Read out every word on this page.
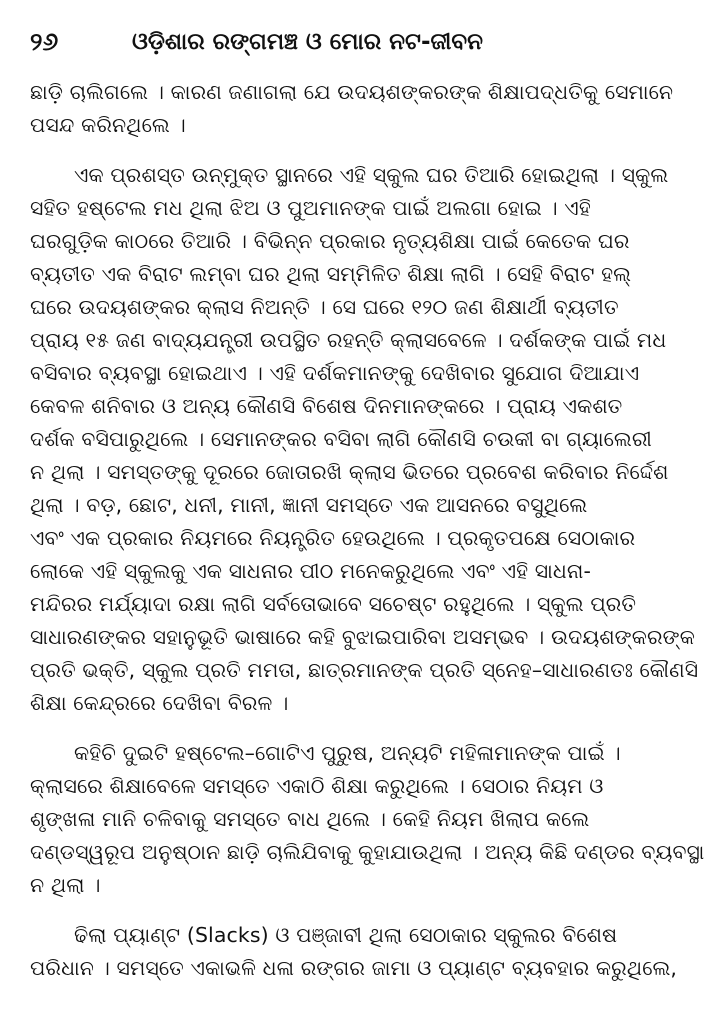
୨୬	ଓଡ଼ିଶାର ରଙ୍ଗମଞ୍ଚ ଓ ମୋର ନଟ-ଜୀବନ
ଛାଡ଼ି ଚାଲିଗଲେ । କାରଣ ଜଣାଗଲା ଯେ ଉଦୟଶଙ୍କରଙ୍କ ଶିକ୍ଷାପଦ୍ଧତିକୁ ସେମାନେ
ପସନ୍ଦ କରିନଥିଲେ ।
ଏକ ପ୍ରଶସ୍ତ ଉନ୍ମୁକ୍ତ ସ୍ଥାନରେ ଏହି ସ୍କୁଲ ଘର ତିଆରି ହୋଇଥିଲା । ସ୍କୁଲ
ସହିତ ହଷ୍ଟେଲ ମଧ ଥିଲା ଝିଅ ଓ ପୁଅମାନଙ୍କ ପାଇଁ ଅଲଗା ହୋଇ । ଏହି
ଘରଗୁଡ଼ିକ କାଠରେ ତିଆରି । ବିଭିନ୍ନ ପ୍ରକାର ନୃତ୍ୟଶିକ୍ଷା ପାଇଁ କେତେକ ଘର
ବ୍ୟତୀତ ଏକ ବିରାଟ ଲମ୍ବା ଘର ଥିଲା ସମ୍ମିଳିତ ଶିକ୍ଷା ଲାଗି । ସେହି ବିରାଟ ହଲ୍
ଘରେ ଉଦୟଶଙ୍କର କ୍ଲାସ ନିଅନ୍ତି । ସେ ଘରେ ୧୨୦ ଜଣ ଶିକ୍ଷାର୍ଥୀ ବ୍ୟତୀତ
ପ୍ରାୟ ୧୫ ଜଣ ବାଦ୍ୟଯନ୍ତ୍ରୀ ଉପସ୍ଥିତ ରହନ୍ତି କ୍ଲାସବେଳେ । ଦର୍ଶକଙ୍କ ପାଇଁ ମଧ
ବସିବାର ବ୍ୟବସ୍ଥା ହୋଇଥାଏ । ଏହି ଦର୍ଶକମାନଙ୍କୁ ଦେଖିବାର ସୁଯୋଗ ଦିଆଯାଏ
କେବଳ ଶନିବାର ଓ ଅନ୍ୟ କୌଣସି ବିଶେଷ ଦିନମାନଙ୍କରେ । ପ୍ରାୟ ଏକଶତ
ଦର୍ଶକ ବସିପାରୁଥିଲେ । ସେମାନଙ୍କର ବସିବା ଲାଗି କୌଣସି ଚଉକୀ ବା ଗ୍ୟାଲେରୀ
ନ ଥିଲା । ସମସ୍ତଙ୍କୁ ଦୂରରେ ଜୋତାରଖି କ୍ଲାସ ଭିତରେ ପ୍ରବେଶ କରିବାର ନିର୍ଦ୍ଦେଶ
ଥିଲା । ବଡ଼, ଛୋଟ, ଧନୀ, ମାନୀ, ଜ୍ଞାନୀ ସମସ୍ତେ ଏକ ଆସନରେ ବସୁଥିଲେ
ଏବଂ ଏକ ପ୍ରକାର ନିୟମରେ ନିୟନ୍ତ୍ରିତ ହେଉଥିଲେ । ପ୍ରକୃତପକ୍ଷେ ସେଠାକାର
ଲୋକେ ଏହି ସ୍କୁଲକୁ ଏକ ସାଧନାର ପୀଠ ମନେକରୁଥିଲେ ଏବଂ ଏହି ସାଧନା-
ମନ୍ଦିରର ମର୍ଯ୍ୟାଦା ରକ୍ଷା ଲାଗି ସର୍ବତୋଭାବେ ସଚେଷ୍ଟ ରହୁଥିଲେ । ସ୍କୁଲ ପ୍ରତି
ସାଧାରଣଙ୍କର ସହାନୁଭୂତି ଭାଷାରେ କହି ବୁଝାଇପାରିବା ଅସମ୍ଭବ । ଉଦୟଶଙ୍କରଙ୍କ
ପ୍ରତି ଭକ୍ତି, ସ୍କୁଲ ପ୍ରତି ମମତା, ଛାତ୍ରମାନଙ୍କ ପ୍ରତି ସ୍ନେହ–ସାଧାରଣତଃ କୌଣସି
ଶିକ୍ଷା କେନ୍ଦ୍ରରେ ଦେଖିବା ବିରଳ ।
କହିଚି ଦୁଇଟି ହଷ୍ଟେଲ–ଗୋଟିଏ ପୁରୁଷ, ଅନ୍ୟଟି ମହିଳାମାନଙ୍କ ପାଇଁ ।
କ୍ଲାସରେ ଶିକ୍ଷାବେଳେ ସମସ୍ତେ ଏକାଠି ଶିକ୍ଷା କରୁଥିଲେ । ସେଠାର ନିୟମ ଓ
ଶୃଙ୍ଖଳା ମାନି ଚଳିବାକୁ ସମସ୍ତେ ବାଧ ଥିଲେ । କେହି ନିୟମ ଖିଲାପ କଲେ
ଦଣ୍ଡସ୍ୱରୂପ ଅନୁଷ୍ଠାନ ଛାଡ଼ି ଚାଲିଯିବାକୁ କୁହାଯାଉଥିଲା । ଅନ୍ୟ କିଛି ଦଣ୍ଡର ବ୍ୟବସ୍ଥା
ନ ଥିଲା ।
ଢିଲା ପ୍ୟାଣ୍ଟ (Slacks) ଓ ପଞ୍ଜାବୀ ଥିଲା ସେଠାକାର ସ୍କୁଲର ବିଶେଷ
ପରିଧାନ । ସମସ୍ତେ ଏକାଭଳି ଧଳା ରଙ୍ଗର ଜାମା ଓ ପ୍ୟାଣ୍ଟ ବ୍ୟବହାର କରୁଥିଲେ,
